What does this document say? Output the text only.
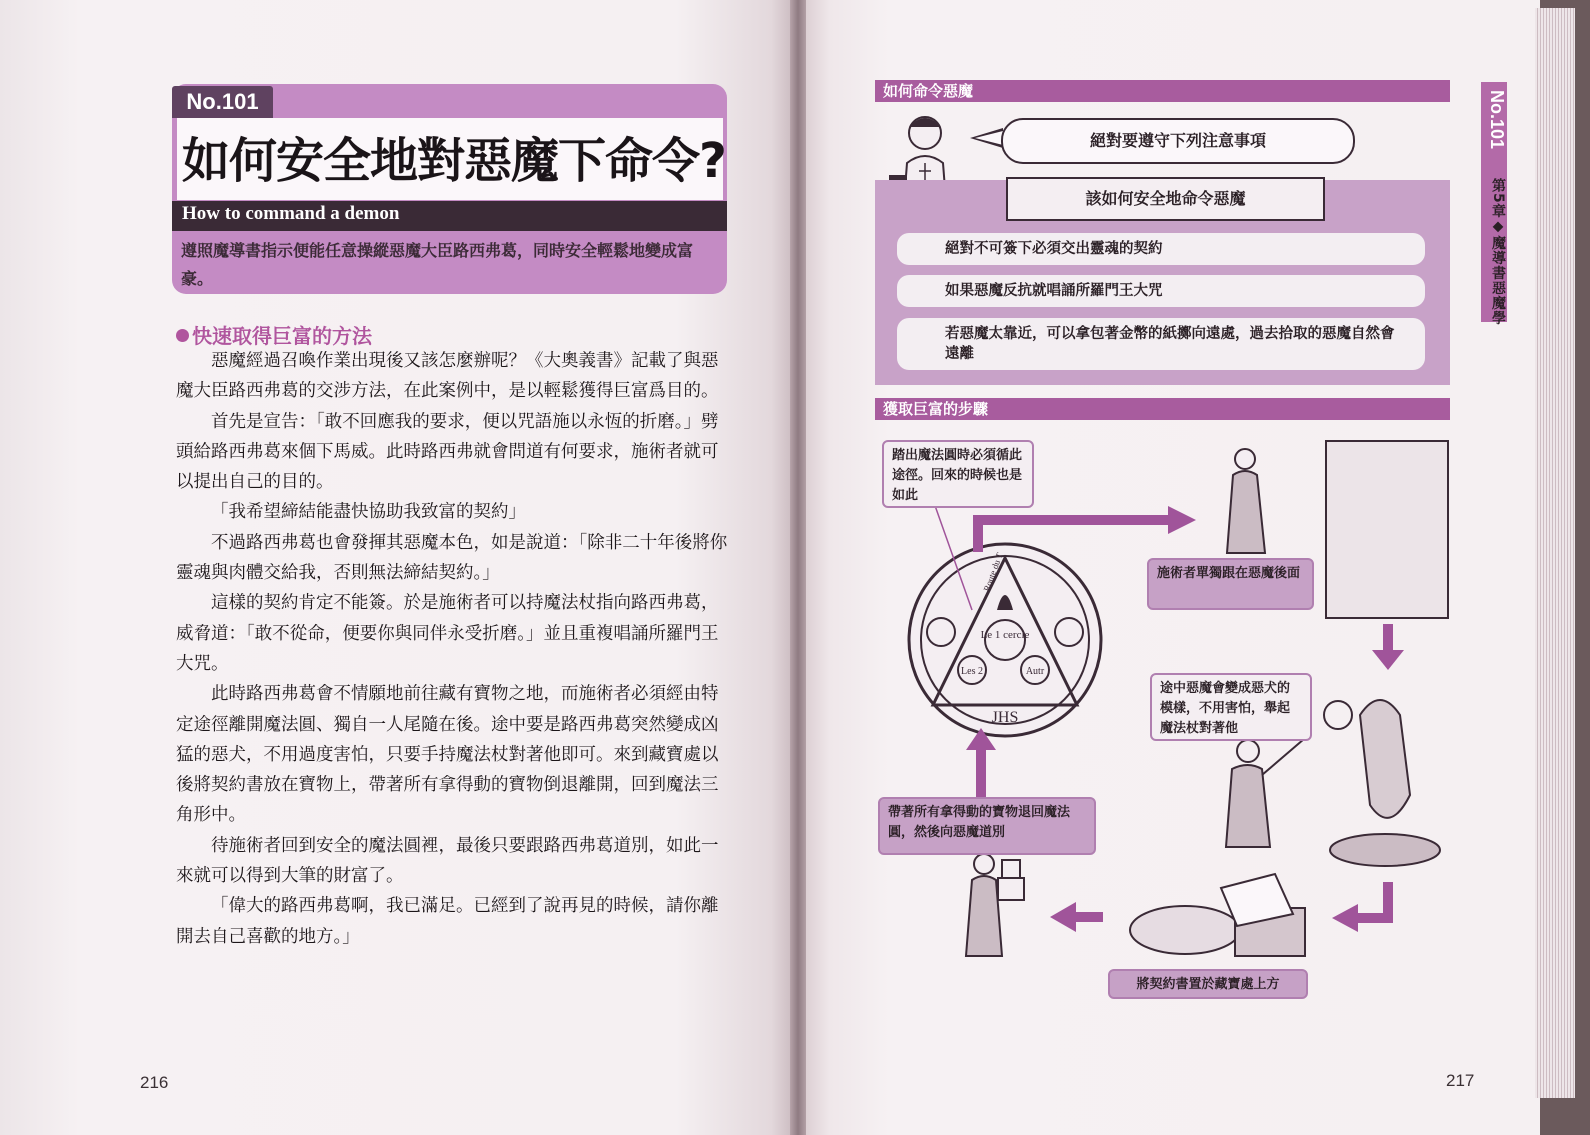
No.101
如何安全地對惡魔下命令?
How to command a demon
遵照魔導書指示便能任意操縱惡魔大臣路西弗葛，同時安全輕鬆地變成富豪。
快速取得巨富的方法

惡魔經過召喚作業出現後又該怎麼辦呢？《大奧義書》記載了與惡魔大臣路西弗葛的交涉方法，在此案例中，是以輕鬆獲得巨富爲目的。

首先是宣告：「敢不回應我的要求，便以咒語施以永恆的折磨。」劈頭給路西弗葛來個下馬威。此時路西弗就會問道有何要求，施術者就可以提出自己的目的。

「我希望締結能盡快協助我致富的契約」

不過路西弗葛也會發揮其惡魔本色，如是說道：「除非二十年後將你靈魂與肉體交給我，否則無法締結契約。」

這樣的契約肯定不能簽。於是施術者可以持魔法杖指向路西弗葛，威脅道：「敢不從命，便要你與同伴永受折磨。」並且重複唱誦所羅門王大咒。

此時路西弗葛會不情願地前往藏有寶物之地，而施術者必須經由特定途徑離開魔法圓、獨自一人尾隨在後。途中要是路西弗葛突然變成凶猛的惡犬，不用過度害怕，只要手持魔法杖對著他即可。來到藏寶處以後將契約書放在寶物上，帶著所有拿得動的寶物倒退離開，回到魔法三角形中。

待施術者回到安全的魔法圓裡，最後只要跟路西弗葛道別，如此一來就可以得到大筆的財富了。

「偉大的路西弗葛啊，我已滿足。已經到了說再見的時候，請你離開去自己喜歡的地方。」

216
如何命令惡魔
絕對要遵守下列注意事項
該如何安全地命令惡魔
絕對不可簽下必須交出靈魂的契約
如果惡魔反抗就唱誦所羅門王大咒
若惡魔太靠近，可以拿包著金幣的紙擲向遠處，過去拾取的惡魔自然會遠離
獲取巨富的步驟
Le 1 cercle
Les 2	Autr
JHS
Route du T
踏出魔法圓時必須循此途徑。回來的時候也是如此
施術者單獨跟在惡魔後面
途中惡魔會變成惡犬的模樣，不用害怕，舉起魔法杖對著他
帶著所有拿得動的寶物退回魔法圓，然後向惡魔道別
將契約書置於藏寶處上方
No.101
第5章◆魔導書惡魔學
217
